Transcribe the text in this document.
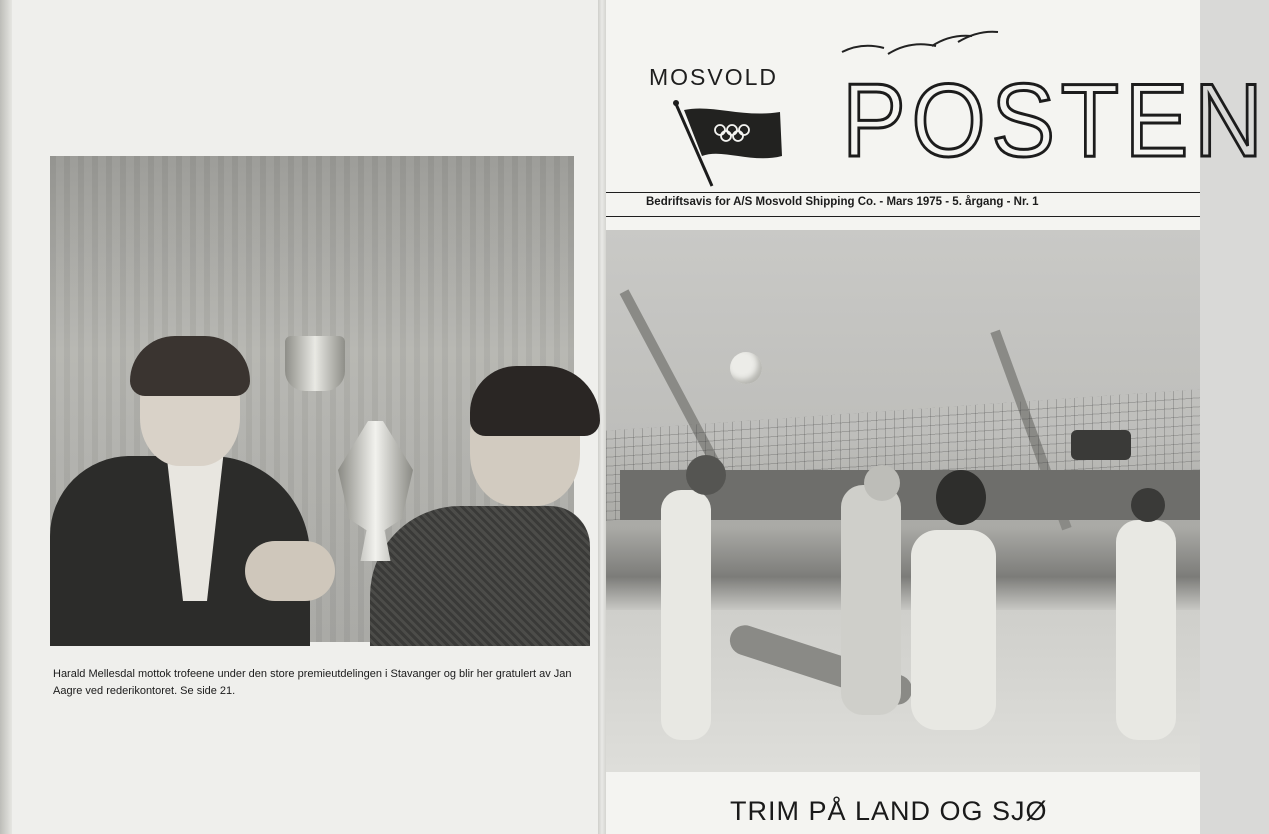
Harald Mellesdal mottok trofeene under den store premieutdelingen i Stavanger og blir her gratulert av Jan Aagre ved rederikontoret. Se side 21.
MOSVOLD POSTEN
Bedriftsavis for A/S Mosvold Shipping Co. - Mars 1975 - 5. årgang - Nr. 1
TRIM PÅ LAND OG SJØ
